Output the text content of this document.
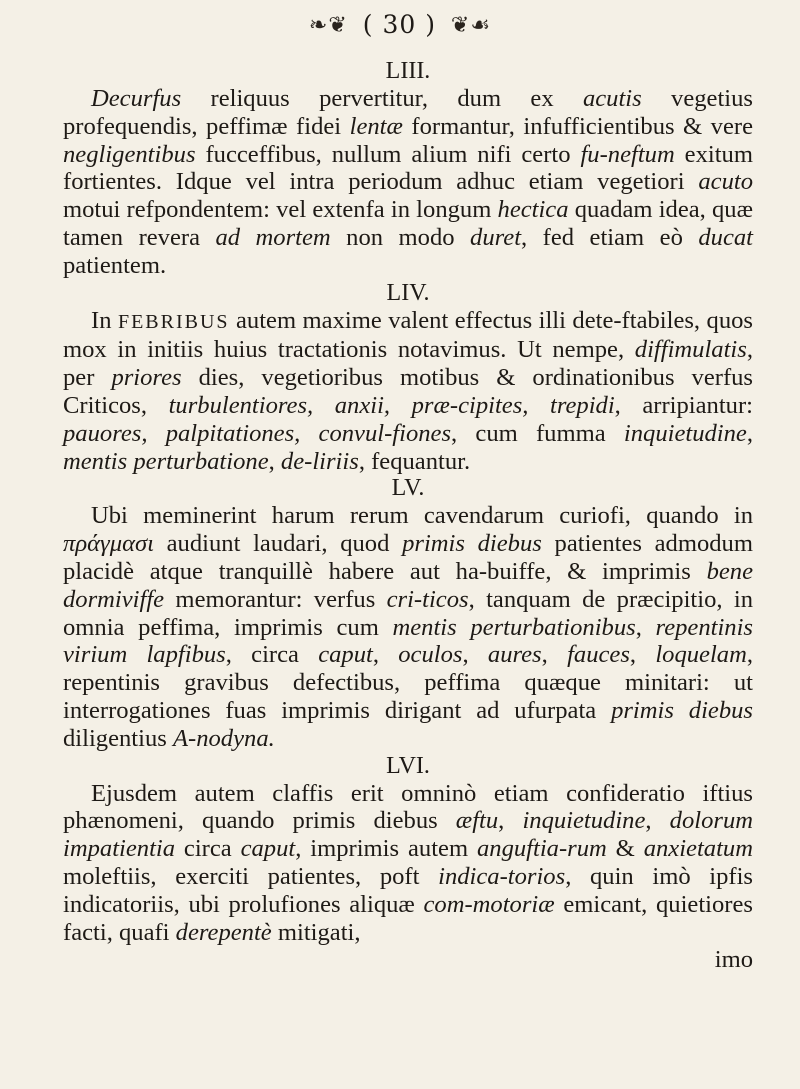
❧❦ ( 30 ) ❦☙
LIII.

Decurfus reliquus pervertitur, dum ex acutis vegetius profequendis, peffimæ fidei lentæ formantur, infufficientibus & vere negligentibus fucceffibus, nullum alium nifi certo fu-neftum exitum fortientes. Idque vel intra periodum adhuc etiam vegetiori acuto motui refpondentem: vel extenfa in longum hectica quadam idea, quæ tamen revera ad mortem non modo duret, fed etiam eò ducat patientem.

LIV.

In FEBRIBUS autem maxime valent effectus illi dete-ftabiles, quos mox in initiis huius tractationis notavimus. Ut nempe, diffimulatis, per priores dies, vegetioribus motibus & ordinationibus verfus Criticos, turbulentiores, anxii, præ-cipites, trepidi, arripiantur: pauores, palpitationes, convul-fiones, cum fumma inquietudine, mentis perturbatione, de-liriis, fequantur.

LV.

Ubi meminerint harum rerum cavendarum curiofi, quando in πράγμασι audiunt laudari, quod primis diebus patientes admodum placidè atque tranquillè habere aut ha-buiffe, & imprimis bene dormiviffe memorantur: verfus cri-ticos, tanquam de præcipitio, in omnia peffima, imprimis cum mentis perturbationibus, repentinis virium lapfibus, circa caput, oculos, aures, fauces, loquelam, repentinis gravibus defectibus, peffima quæque minitari: ut interrogationes fuas imprimis dirigant ad ufurpata primis diebus diligentius A-nodyna.

LVI.

Ejusdem autem claffis erit omninò etiam confideratio iftius phænomeni, quando primis diebus æftu, inquietudine, dolorum impatientia circa caput, imprimis autem anguftia-rum & anxietatum moleftiis, exerciti patientes, poft indica-torios, quin imò ipfis indicatoriis, ubi prolufiones aliquæ com-motoriæ emicant, quietiores facti, quafi derepentè mitigati,

imo
